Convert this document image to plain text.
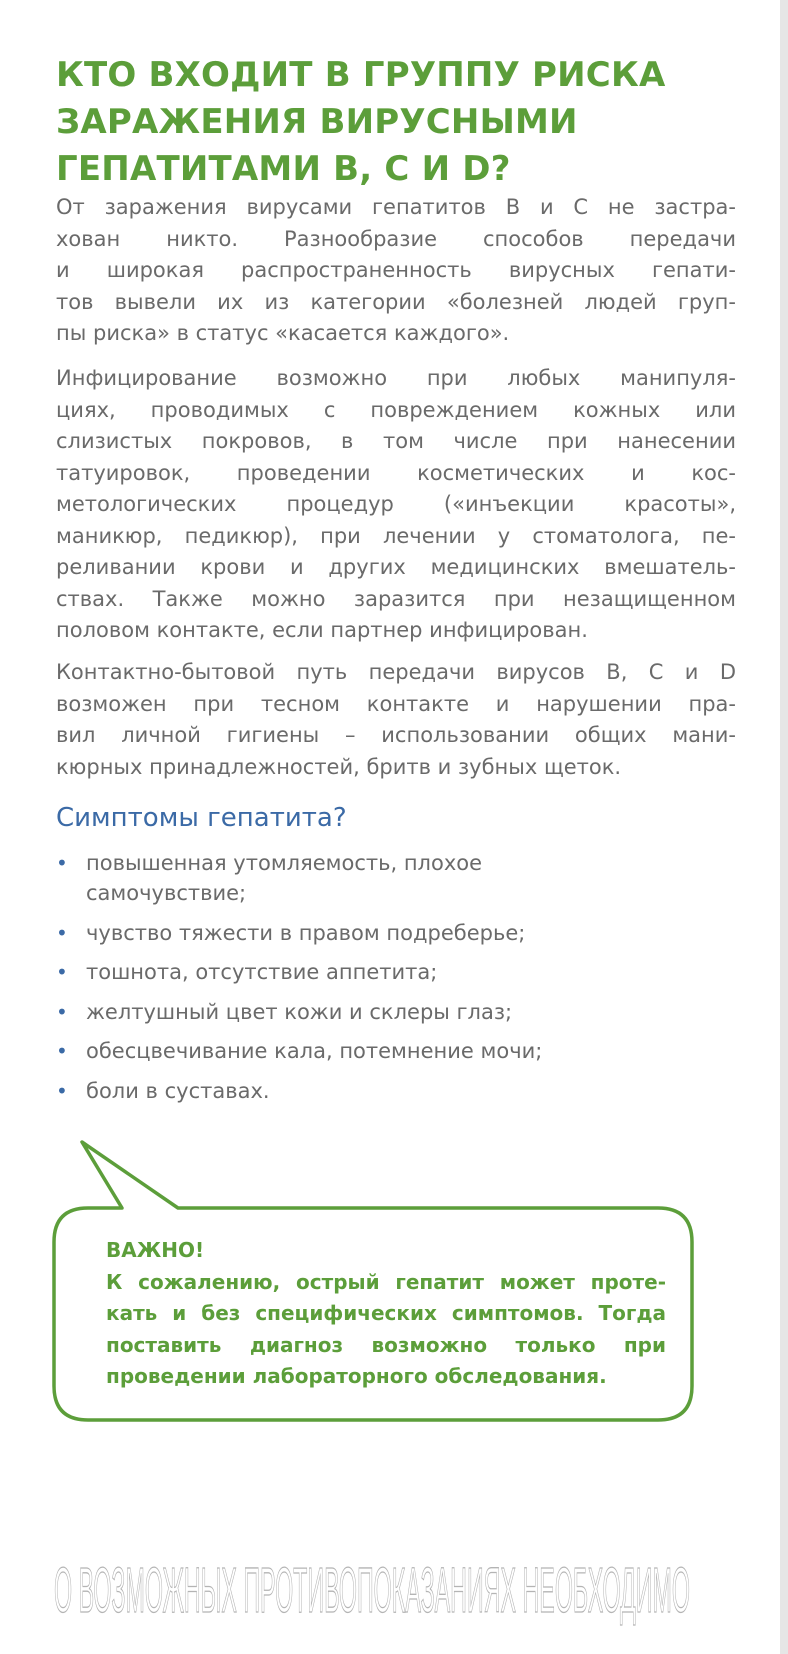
КТО ВХОДИТ В ГРУППУ РИСКА
ЗАРАЖЕНИЯ ВИРУСНЫМИ
ГЕПАТИТАМИ В, С И D?

От заражения вирусами гепатитов В и С не застра-
хован никто. Разнообразие способов передачи
и широкая распространенность вирусных гепати-
тов вывели их из категории «болезней людей груп-
пы риска» в статус «касается каждого».

Инфицирование возможно при любых манипуля-
циях, проводимых с повреждением кожных или
слизистых покровов, в том числе при нанесении
татуировок, проведении косметических и кос-
метологических процедур («инъекции красоты»,
маникюр, педикюр), при лечении у стоматолога, пе-
реливании крови и других медицинских вмешатель-
ствах. Также можно заразится при незащищенном
половом контакте, если партнер инфицирован.

Контактно-бытовой путь передачи вирусов В, С и D
возможен при тесном контакте и нарушении пра-
вил личной гигиены – использовании общих мани-
кюрных принадлежностей, бритв и зубных щеток.

Симптомы гепатита?
• повышенная утомляемость, плохое
самочувствие;
• чувство тяжести в правом подреберье;
• тошнота, отсутствие аппетита;
• желтушный цвет кожи и склеры глаз;
• обесцвечивание кала, потемнение мочи;
• боли в суставах.
ВАЖНО!
К сожалению, острый гепатит может проте-
кать и без специфических симптомов. Тогда
поставить диагноз возможно только при
проведении лабораторного обследования.
О ВОЗМОЖНЫХ ПРОТИВОПОКАЗАНИЯХ НЕОБХОДИМО
